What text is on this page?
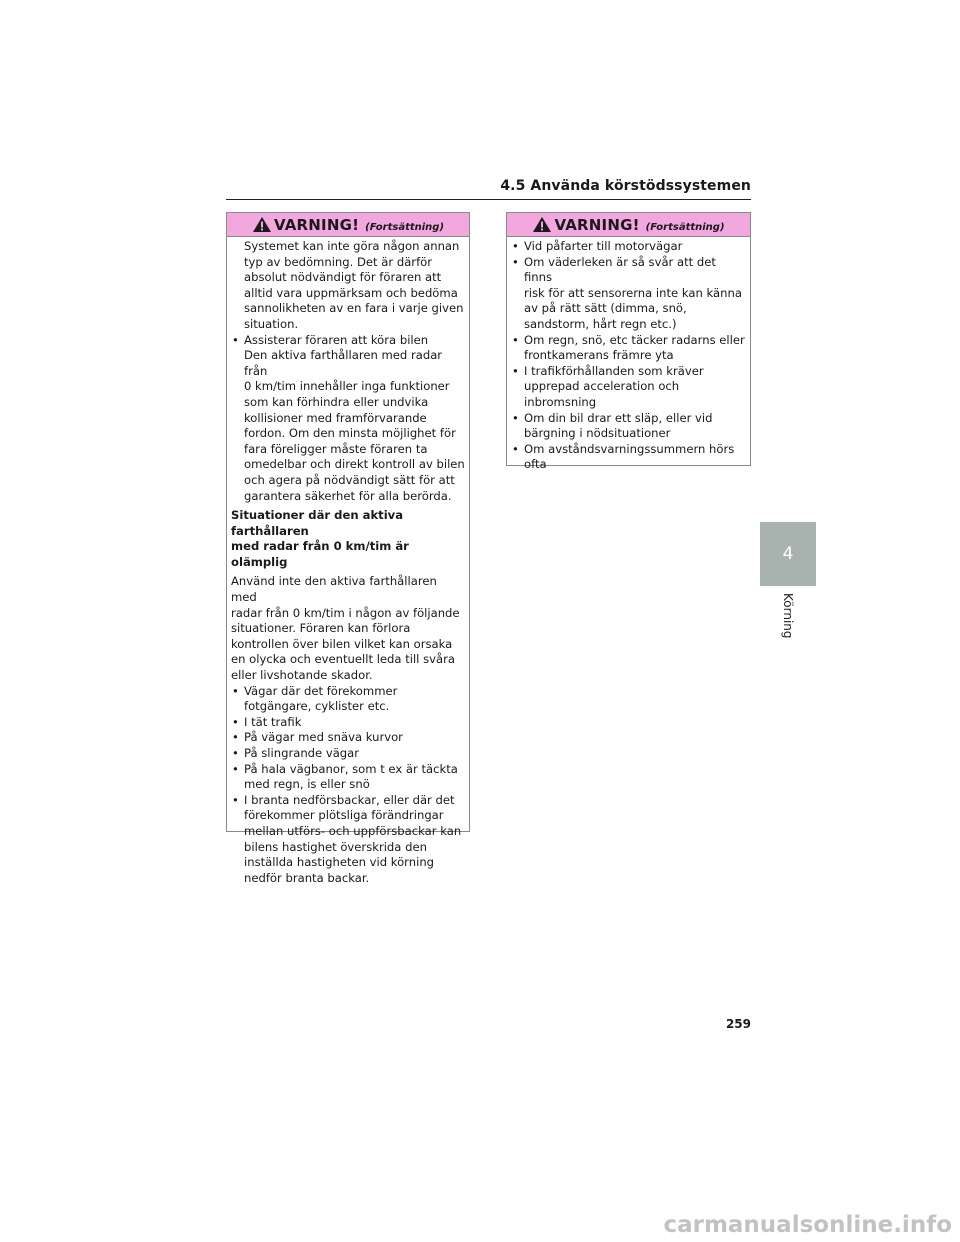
4.5 Använda körstödssystemen
VARNING! (Fortsättning)
Systemet kan inte göra någon annan
typ av bedömning. Det är därför
absolut nödvändigt för föraren att
alltid vara uppmärksam och bedöma
sannolikheten av en fara i varje given
situation.
• Assisterar föraren att köra bilen
Den aktiva farthållaren med radar från
0 km/tim innehåller inga funktioner
som kan förhindra eller undvika
kollisioner med framförvarande
fordon. Om den minsta möjlighet för
fara föreligger måste föraren ta
omedelbar och direkt kontroll av bilen
och agera på nödvändigt sätt för att
garantera säkerhet för alla berörda.
Situationer där den aktiva farthållaren
med radar från 0 km/tim är olämplig
Använd inte den aktiva farthållaren med
radar från 0 km/tim i någon av följande
situationer. Föraren kan förlora
kontrollen över bilen vilket kan orsaka
en olycka och eventuellt leda till svåra
eller livshotande skador.
• Vägar där det förekommer
fotgängare, cyklister etc.
• I tät trafik
• På vägar med snäva kurvor
• På slingrande vägar
• På hala vägbanor, som t ex är täckta
med regn, is eller snö
• I branta nedförsbackar, eller där det
förekommer plötsliga förändringar
mellan utförs- och uppförsbackar kan
bilens hastighet överskrida den
inställda hastigheten vid körning
nedför branta backar.
VARNING! (Fortsättning)
• Vid påfarter till motorvägar
• Om väderleken är så svår att det finns
risk för att sensorerna inte kan känna
av på rätt sätt (dimma, snö,
sandstorm, hårt regn etc.)
• Om regn, snö, etc täcker radarns eller
frontkamerans främre yta
• I trafikförhållanden som kräver
upprepad acceleration och
inbromsning
• Om din bil drar ett släp, eller vid
bärgning i nödsituationer
• Om avståndsvarningssummern hörs
ofta
4
Körning
259
carmanualsonline.info
